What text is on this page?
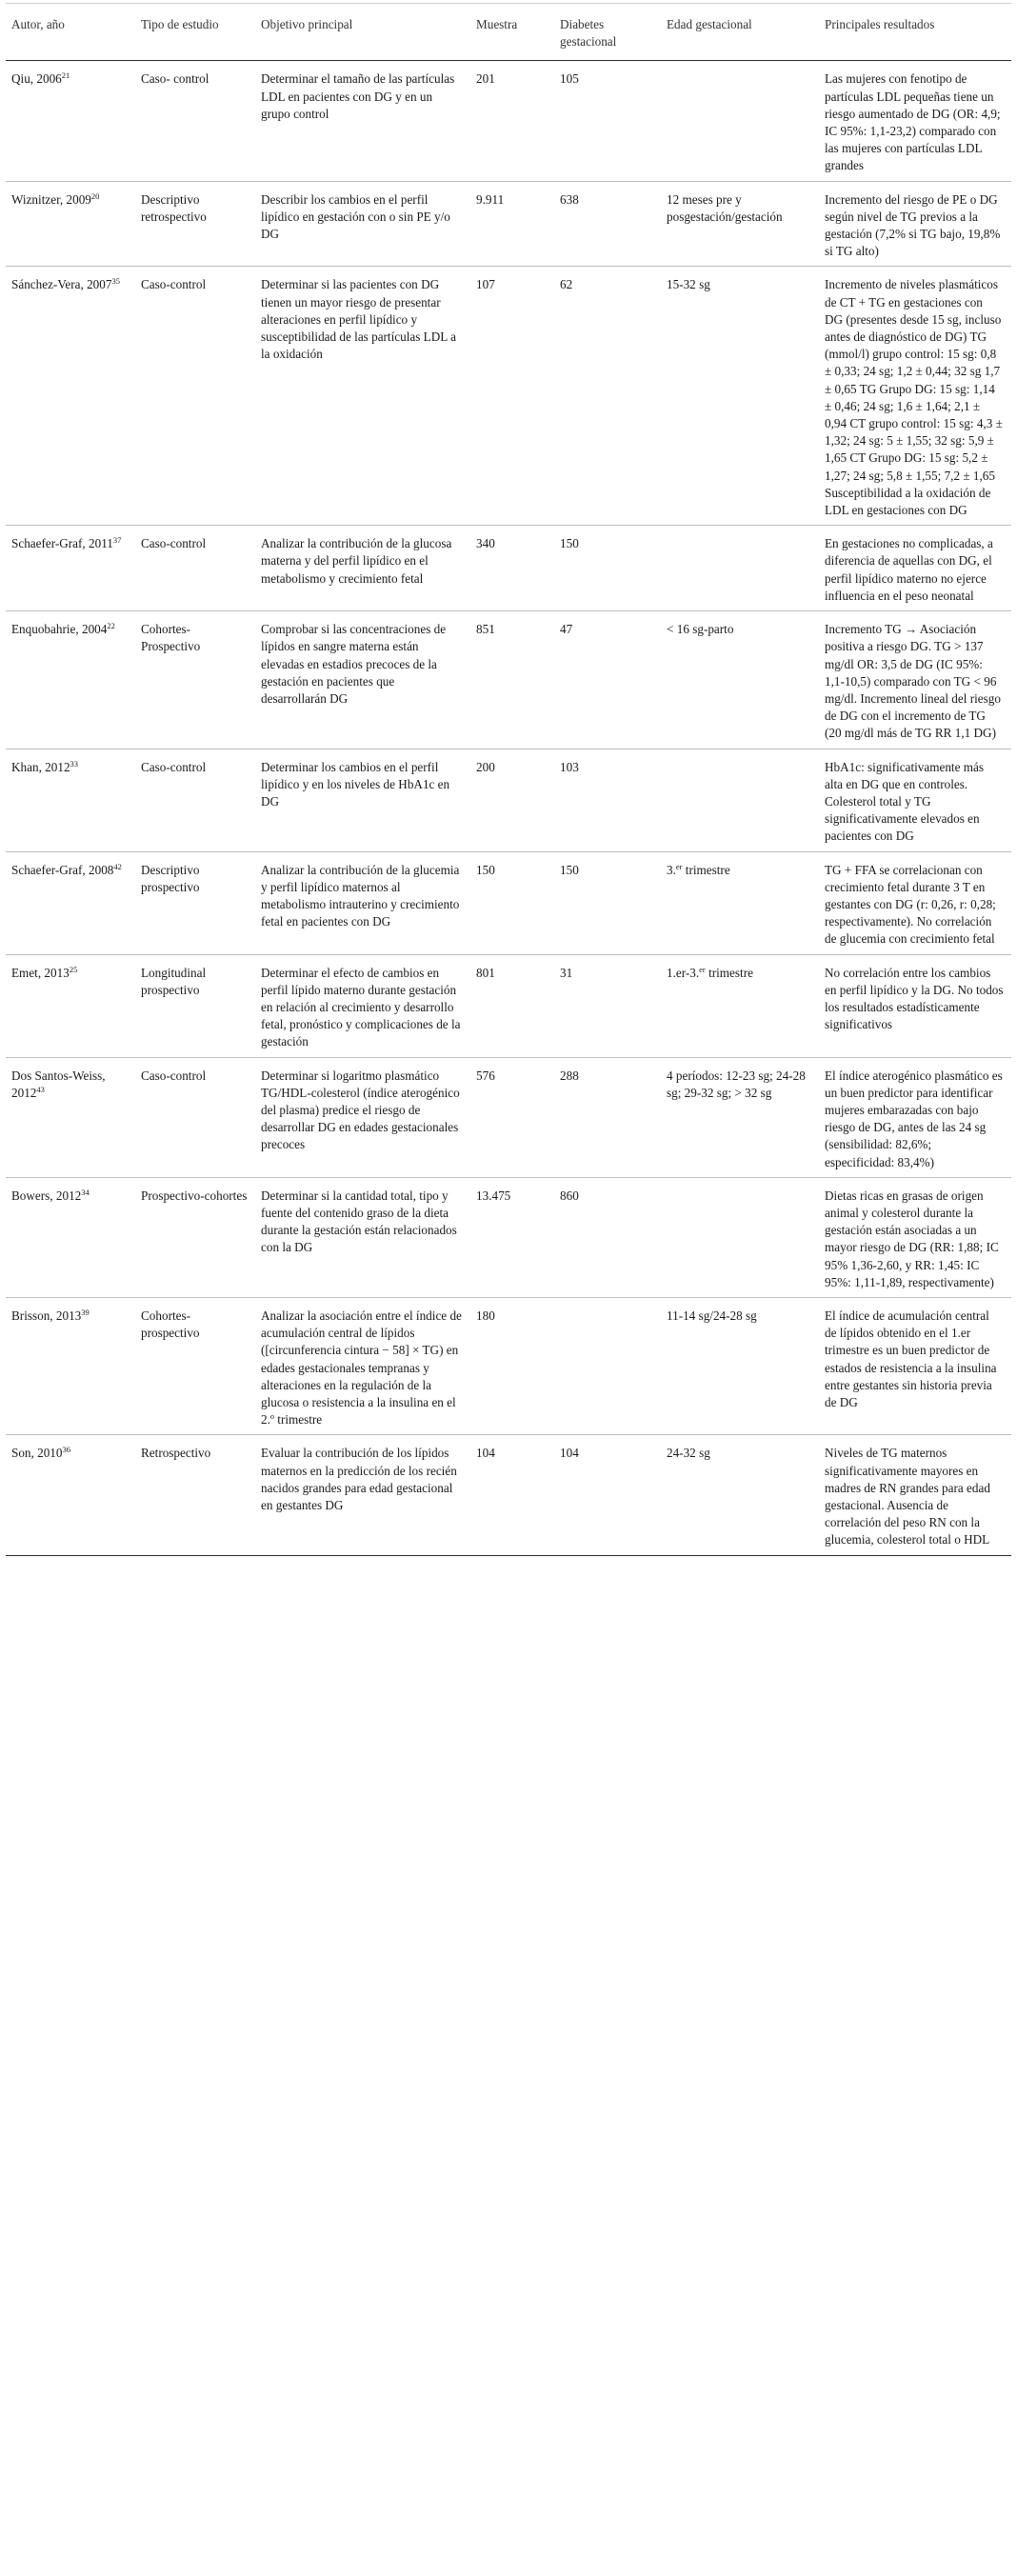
Autor, año	Tipo de estudio	Objetivo principal	Muestra	Diabetes gestacional	Edad gestacional	Principales resultados
Qiu, 2006$^{21}$	Caso- control	Determinar el tamaño de las partículas LDL en pacientes con DG y en un grupo control	201	105		Las mujeres con fenotipo de partículas LDL pequeñas tiene un riesgo aumentado de DG (OR: 4,9; IC 95%: 1,1-23,2) comparado con las mujeres con partículas LDL grandes
Wiznitzer, 2009$^{20}$	Descriptivo retrospectivo	Describir los cambios en el perfil lipídico en gestación con o sin PE y/o DG	9.911	638	12 meses pre y posgestación/gestación	Incremento del riesgo de PE o DG según nivel de TG previos a la gestación (7,2% si TG bajo, 19,8% si TG alto)
Sánchez-Vera, 2007$^{35}$	Caso-control	Determinar si las pacientes con DG tienen un mayor riesgo de presentar alteraciones en perfil lipídico y susceptibilidad de las partículas LDL a la oxidación	107	62	15-32 sg	Incremento de niveles plasmáticos de CT + TG en gestaciones con DG (presentes desde 15 sg, incluso antes de diagnóstico de DG) TG (mmol/l) grupo control: 15 sg: 0,8 ± 0,33; 24 sg; 1,2 ± 0,44; 32 sg 1,7 ± 0,65 TG Grupo DG: 15 sg: 1,14 ± 0,46; 24 sg; 1,6 ± 1,64; 2,1 ± 0,94 CT grupo control: 15 sg: 4,3 ± 1,32; 24 sg: 5 ± 1,55; 32 sg: 5,9 ± 1,65 CT Grupo DG: 15 sg: 5,2 ± 1,27; 24 sg; 5,8 ± 1,55; 7,2 ± 1,65 Susceptibilidad a la oxidación de LDL en gestaciones con DG
Schaefer-Graf, 2011$^{37}$	Caso-control	Analizar la contribución de la glucosa materna y del perfil lipídico en el metabolismo y crecimiento fetal	340	150		En gestaciones no complicadas, a diferencia de aquellas con DG, el perfil lipídico materno no ejerce influencia en el peso neonatal
Enquobahrie, 2004$^{22}$	Cohortes-Prospectivo	Comprobar si las concentraciones de lípidos en sangre materna están elevadas en estadios precoces de la gestación en pacientes que desarrollarán DG	851	47	< 16 sg-parto	Incremento TG → Asociación positiva a riesgo DG. TG > 137 mg/dl OR: 3,5 de DG (IC 95%: 1,1-10,5) comparado con TG < 96 mg/dl. Incremento lineal del riesgo de DG con el incremento de TG (20 mg/dl más de TG RR 1,1 DG)
Khan, 2012$^{33}$	Caso-control	Determinar los cambios en el perfil lipídico y en los niveles de HbA1c en DG	200	103		HbA1c: significativamente más alta en DG que en controles. Colesterol total y TG significativamente elevados en pacientes con DG
Schaefer-Graf, 2008$^{42}$	Descriptivo prospectivo	Analizar la contribución de la glucemia y perfil lipídico maternos al metabolismo intrauterino y crecimiento fetal en pacientes con DG	150	150	3.$^{er}$ trimestre	TG + FFA se correlacionan con crecimiento fetal durante 3 T en gestantes con DG (r: 0,26, r: 0,28; respectivamente). No correlación de glucemia con crecimiento fetal
Emet, 2013$^{25}$	Longitudinal prospectivo	Determinar el efecto de cambios en perfil lípido materno durante gestación en relación al crecimiento y desarrollo fetal, pronóstico y complicaciones de la gestación	801	31	1.er-3.$^{er}$ trimestre	No correlación entre los cambios en perfil lipídico y la DG. No todos los resultados estadísticamente significativos
Dos Santos-Weiss, 2012$^{43}$	Caso-control	Determinar si logaritmo plasmático TG/HDL-colesterol (índice aterogénico del plasma) predice el riesgo de desarrollar DG en edades gestacionales precoces	576	288	4 períodos: 12-23 sg; 24-28 sg; 29-32 sg; > 32 sg	El índice aterogénico plasmático es un buen predictor para identificar mujeres embarazadas con bajo riesgo de DG, antes de las 24 sg (sensibilidad: 82,6%; especificidad: 83,4%)
Bowers, 2012$^{34}$	Prospectivo-cohortes	Determinar si la cantidad total, tipo y fuente del contenido graso de la dieta durante la gestación están relacionados con la DG	13.475	860		Dietas ricas en grasas de origen animal y colesterol durante la gestación están asociadas a un mayor riesgo de DG (RR: 1,88; IC 95% 1,36-2,60, y RR: 1,45: IC 95%: 1,11-1,89, respectivamente)
Brisson, 2013$^{39}$	Cohortes-prospectivo	Analizar la asociación entre el índice de acumulación central de lípidos ([circunferencia cintura − 58] × TG) en edades gestacionales tempranas y alteraciones en la regulación de la glucosa o resistencia a la insulina en el 2.º trimestre	180		11-14 sg/24-28 sg	El índice de acumulación central de lípidos obtenido en el 1.er trimestre es un buen predictor de estados de resistencia a la insulina entre gestantes sin historia previa de DG
Son, 2010$^{36}$	Retrospectivo	Evaluar la contribución de los lípidos maternos en la predicción de los recién nacidos grandes para edad gestacional en gestantes DG	104	104	24-32 sg	Niveles de TG maternos significativamente mayores en madres de RN grandes para edad gestacional. Ausencia de correlación del peso RN con la glucemia, colesterol total o HDL
